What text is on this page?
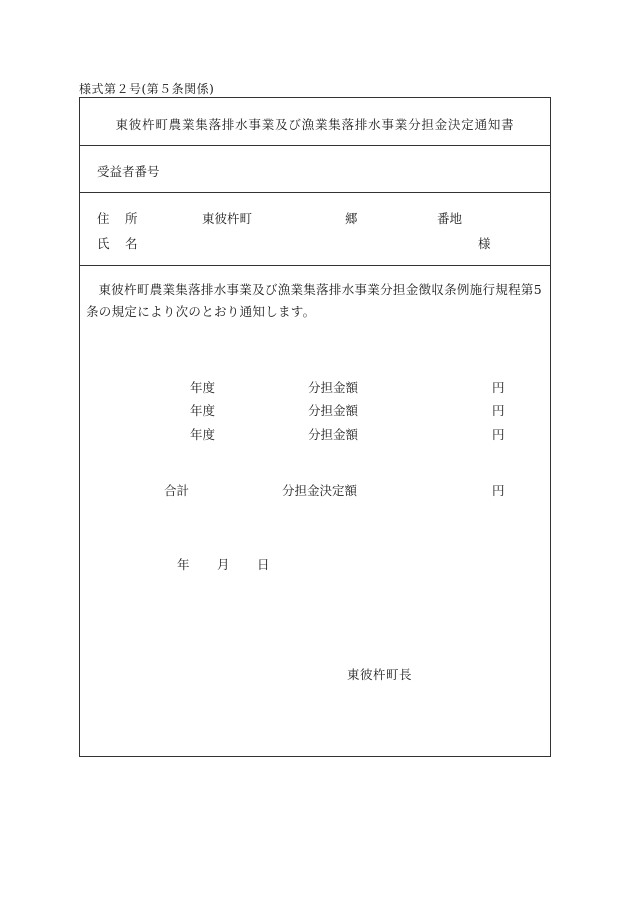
様式第２号(第５条関係)
東彼杵町農業集落排水事業及び漁業集落排水事業分担金決定通知書
受益者番号
住 所	東彼杵町	郷	番地
氏 名	様
東彼杵町農業集落排水事業及び漁業集落排水事業分担金徴収条例施行規程第5条の規定により次のとおり通知します。
年度	分担金額	円
年度	分担金額	円
年度	分担金額	円
合計	分担金決定額	円
年 月 日
東彼杵町長
